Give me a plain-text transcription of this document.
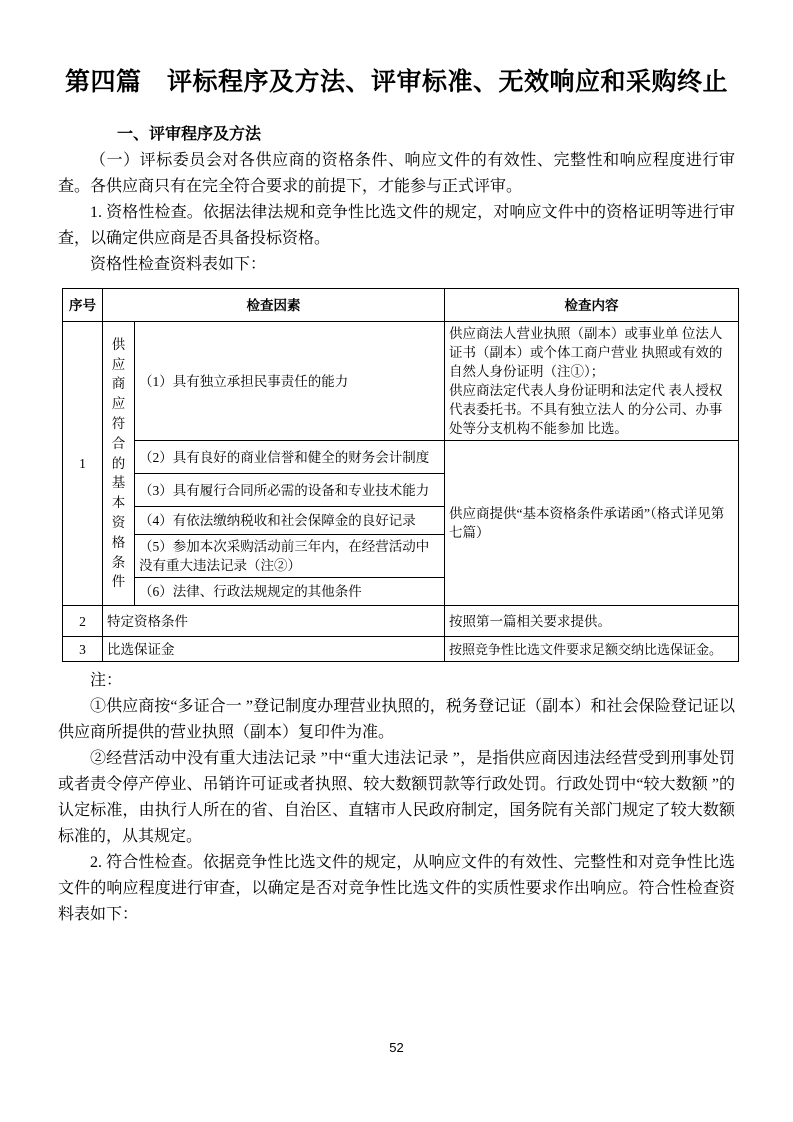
第四篇　评标程序及方法、评审标准、无效响应和采购终止
一、评审程序及方法

（一）评标委员会对各供应商的资格条件、响应文件的有效性、完整性和响应程度进行审查。各供应商只有在完全符合要求的前提下，才能参与正式评审。

1. 资格性检查。依据法律法规和竞争性比选文件的规定，对响应文件中的资格证明等进行审查，以确定供应商是否具备投标资格。

资格性检查资料表如下：

序号	检查因素		检查内容
1	供应商应符合的基本资格条件	（1）具有独立承担民事责任的能力	供应商法人营业执照（副本）或事业单 位法人证书（副本）或个体工商户营业 执照或有效的自然人身份证明（注①）；
供应商法定代表人身份证明和法定代 表人授权代表委托书。不具有独立法人 的分公司、办事处等分支机构不能参加 比选。

		（2）具有良好的商业信誉和健全的财务会计制度	供应商提供“基本资格条件承诺函”（格式详见第七篇）
		（3）具有履行合同所必需的设备和专业技术能力	
		（4）有依法缴纳税收和社会保障金的良好记录	
		（5）参加本次采购活动前三年内，在经营活动中 没有重大违法记录（注②）	
		（6）法律、行政法规规定的其他条件	
2	特定资格条件		按照第一篇相关要求提供。
3	比选保证金		按照竞争性比选文件要求足额交纳比选保证金。

注：

①供应商按“多证合一 ”登记制度办理营业执照的，税务登记证（副本）和社会保险登记证以供应商所提供的营业执照（副本）复印件为准。

②经营活动中没有重大违法记录 ”中“重大违法记录 ”，是指供应商因违法经营受到刑事处罚或者责令停产停业、吊销许可证或者执照、较大数额罚款等行政处罚。行政处罚中“较大数额 ”的认定标准，由执行人所在的省、自治区、直辖市人民政府制定，国务院有关部门规定了较大数额标准的，从其规定。

2. 符合性检查。依据竞争性比选文件的规定，从响应文件的有效性、完整性和对竞争性比选文件的响应程度进行审查，以确定是否对竞争性比选文件的实质性要求作出响应。符合性检查资料表如下：

52
